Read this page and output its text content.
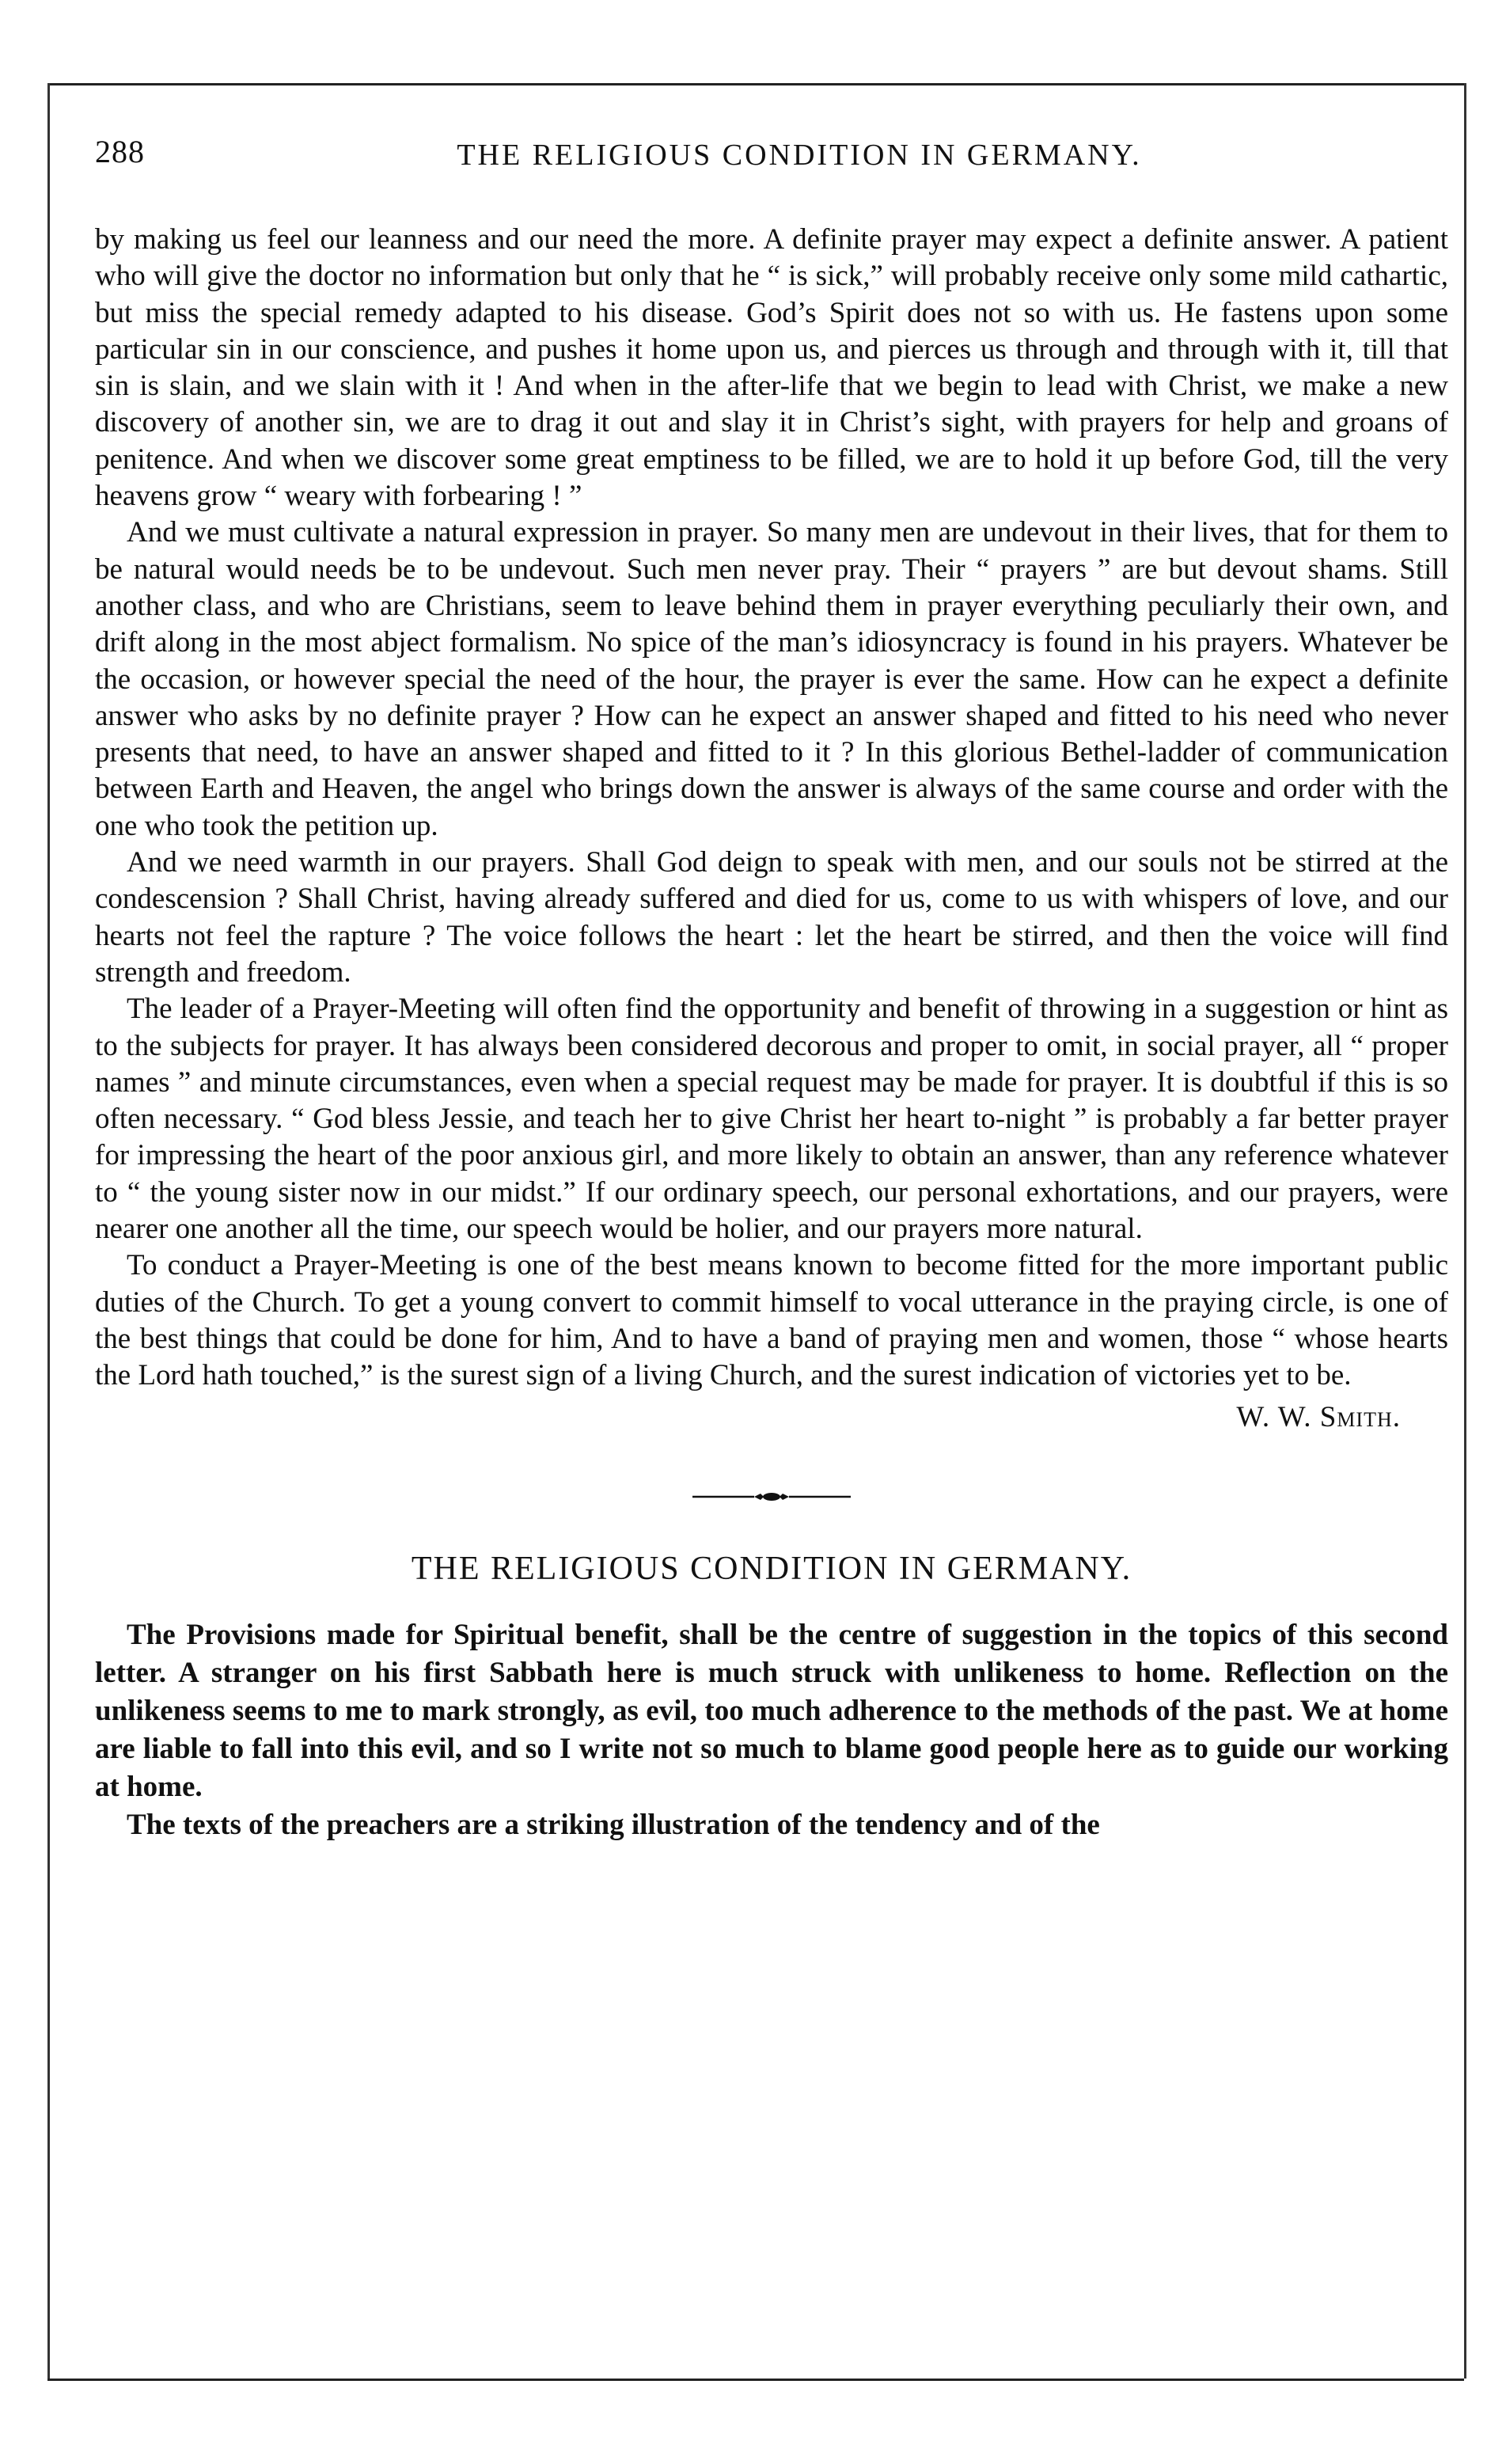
288	THE RELIGIOUS CONDITION IN GERMANY.

by making us feel our leanness and our need the more. A definite prayer may expect a definite answer. A patient who will give the doctor no information but only that he “ is sick,” will probably receive only some mild cathartic, but miss the special remedy adapted to his disease. God’s Spirit does not so with us. He fastens upon some particular sin in our conscience, and pushes it home upon us, and pierces us through and through with it, till that sin is slain, and we slain with it ! And when in the after-life that we begin to lead with Christ, we make a new discovery of another sin, we are to drag it out and slay it in Christ’s sight, with prayers for help and groans of penitence. And when we discover some great emptiness to be filled, we are to hold it up before God, till the very heavens grow “ weary with forbearing ! ”

And we must cultivate a natural expression in prayer. So many men are undevout in their lives, that for them to be natural would needs be to be undevout. Such men never pray. Their “ prayers ” are but devout shams. Still another class, and who are Christians, seem to leave behind them in prayer everything peculiarly their own, and drift along in the most abject formalism. No spice of the man’s idiosyncracy is found in his prayers. Whatever be the occasion, or however special the need of the hour, the prayer is ever the same. How can he expect a definite answer who asks by no definite prayer ? How can he expect an answer shaped and fitted to his need who never presents that need, to have an answer shaped and fitted to it ? In this glorious Bethel-ladder of communication between Earth and Heaven, the angel who brings down the answer is always of the same course and order with the one who took the petition up.

And we need warmth in our prayers. Shall God deign to speak with men, and our souls not be stirred at the condescension ? Shall Christ, having already suffered and died for us, come to us with whispers of love, and our hearts not feel the rapture ? The voice follows the heart : let the heart be stirred, and then the voice will find strength and freedom.

The leader of a Prayer-Meeting will often find the opportunity and benefit of throwing in a suggestion or hint as to the subjects for prayer. It has always been considered decorous and proper to omit, in social prayer, all “ proper names ” and minute circumstances, even when a special request may be made for prayer. It is doubtful if this is so often necessary. “ God bless Jessie, and teach her to give Christ her heart to-night ” is probably a far better prayer for impressing the heart of the poor anxious girl, and more likely to obtain an answer, than any reference whatever to “ the young sister now in our midst.” If our ordinary speech, our personal exhortations, and our prayers, were nearer one another all the time, our speech would be holier, and our prayers more natural.

To conduct a Prayer-Meeting is one of the best means known to become fitted for the more important public duties of the Church. To get a young convert to commit himself to vocal utterance in the praying circle, is one of the best things that could be done for him, And to have a band of praying men and women, those “ whose hearts the Lord hath touched,” is the surest sign of a living Church, and the surest indication of victories yet to be.

W. W. Smith.
THE RELIGIOUS CONDITION IN GERMANY.

The Provisions made for Spiritual benefit, shall be the centre of suggestion in the topics of this second letter. A stranger on his first Sabbath here is much struck with unlikeness to home. Reflection on the unlikeness seems to me to mark strongly, as evil, too much adherence to the methods of the past. We at home are liable to fall into this evil, and so I write not so much to blame good people here as to guide our working at home.

The texts of the preachers are a striking illustration of the tendency and of the
